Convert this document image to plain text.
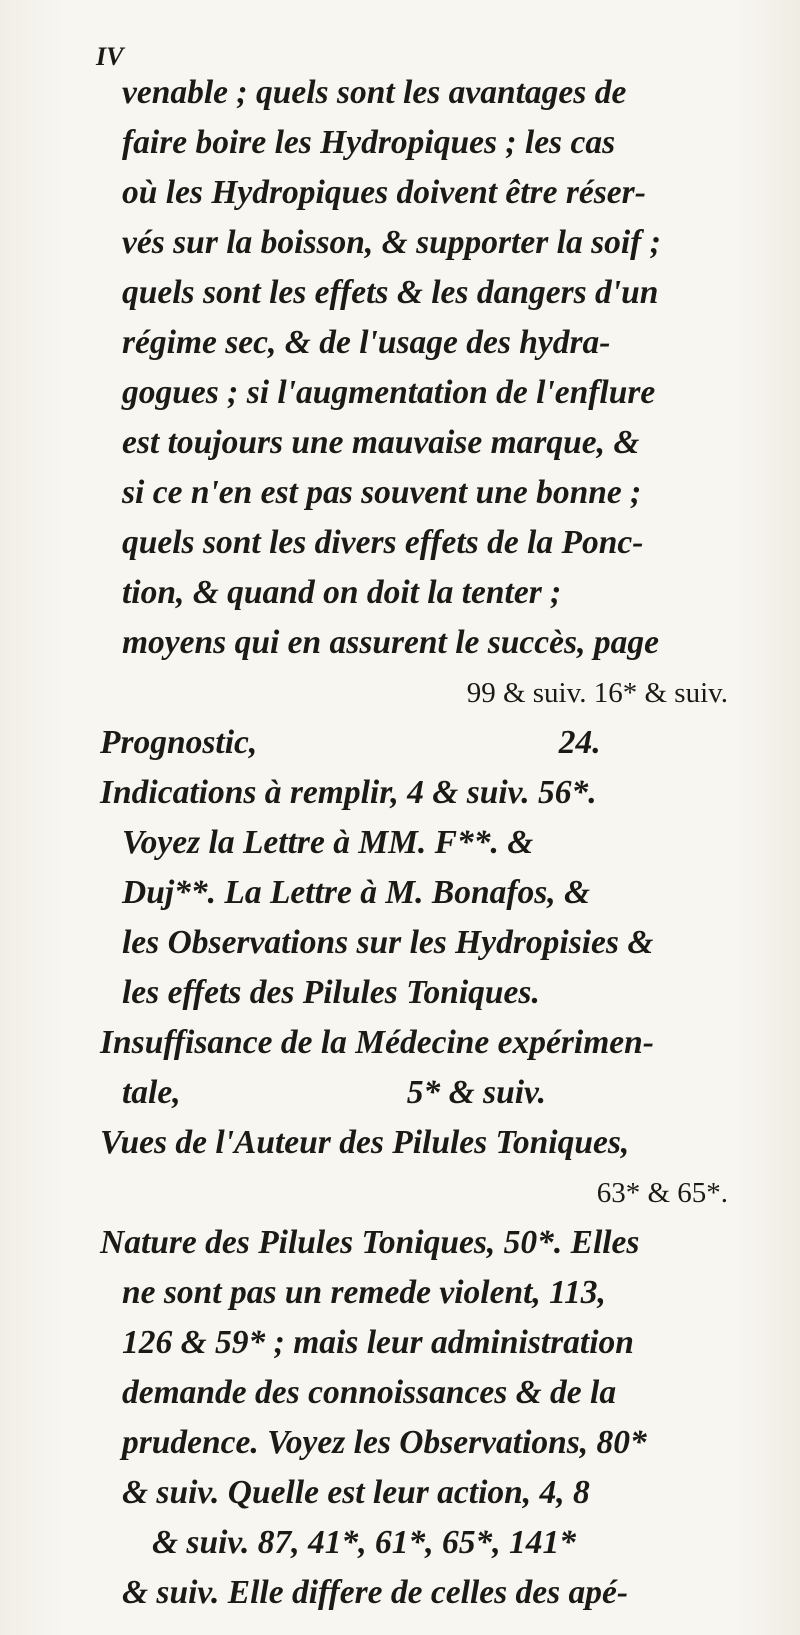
IV
venable ; quels sont les avantages de
faire boire les Hydropiques ; les cas
où les Hydropiques doivent être réser-
vés sur la boisson, & supporter la soif ;
quels sont les effets & les dangers d'un
régime sec, & de l'usage des hydra-
gogues ; si l'augmentation de l'enflure
est toujours une mauvaise marque, &
si ce n'en est pas souvent une bonne ;
quels sont les divers effets de la Ponc-
tion, & quand on doit la tenter ;
moyens qui en assurent le succès, page
99 & suiv. 16* & suiv.
Prognostic,                                    24.
Indications à remplir, 4 & suiv. 56*.
Voyez la Lettre à MM. F**. &
Duj**. La Lettre à M. Bonafos, &
les Observations sur les Hydropisies &
les effets des Pilules Toniques.
Insuffisance de la Médecine expérimen-
tale,                           5* & suiv.
Vues de l'Auteur des Pilules Toniques,
63* & 65*.
Nature des Pilules Toniques, 50*. Elles
ne sont pas un remede violent, 113,
126 & 59* ; mais leur administration
demande des connoissances & de la
prudence. Voyez les Observations, 80*
& suiv. Quelle est leur action, 4, 8
& suiv. 87, 41*, 61*, 65*, 141*
& suiv. Elle differe de celles des apé-
